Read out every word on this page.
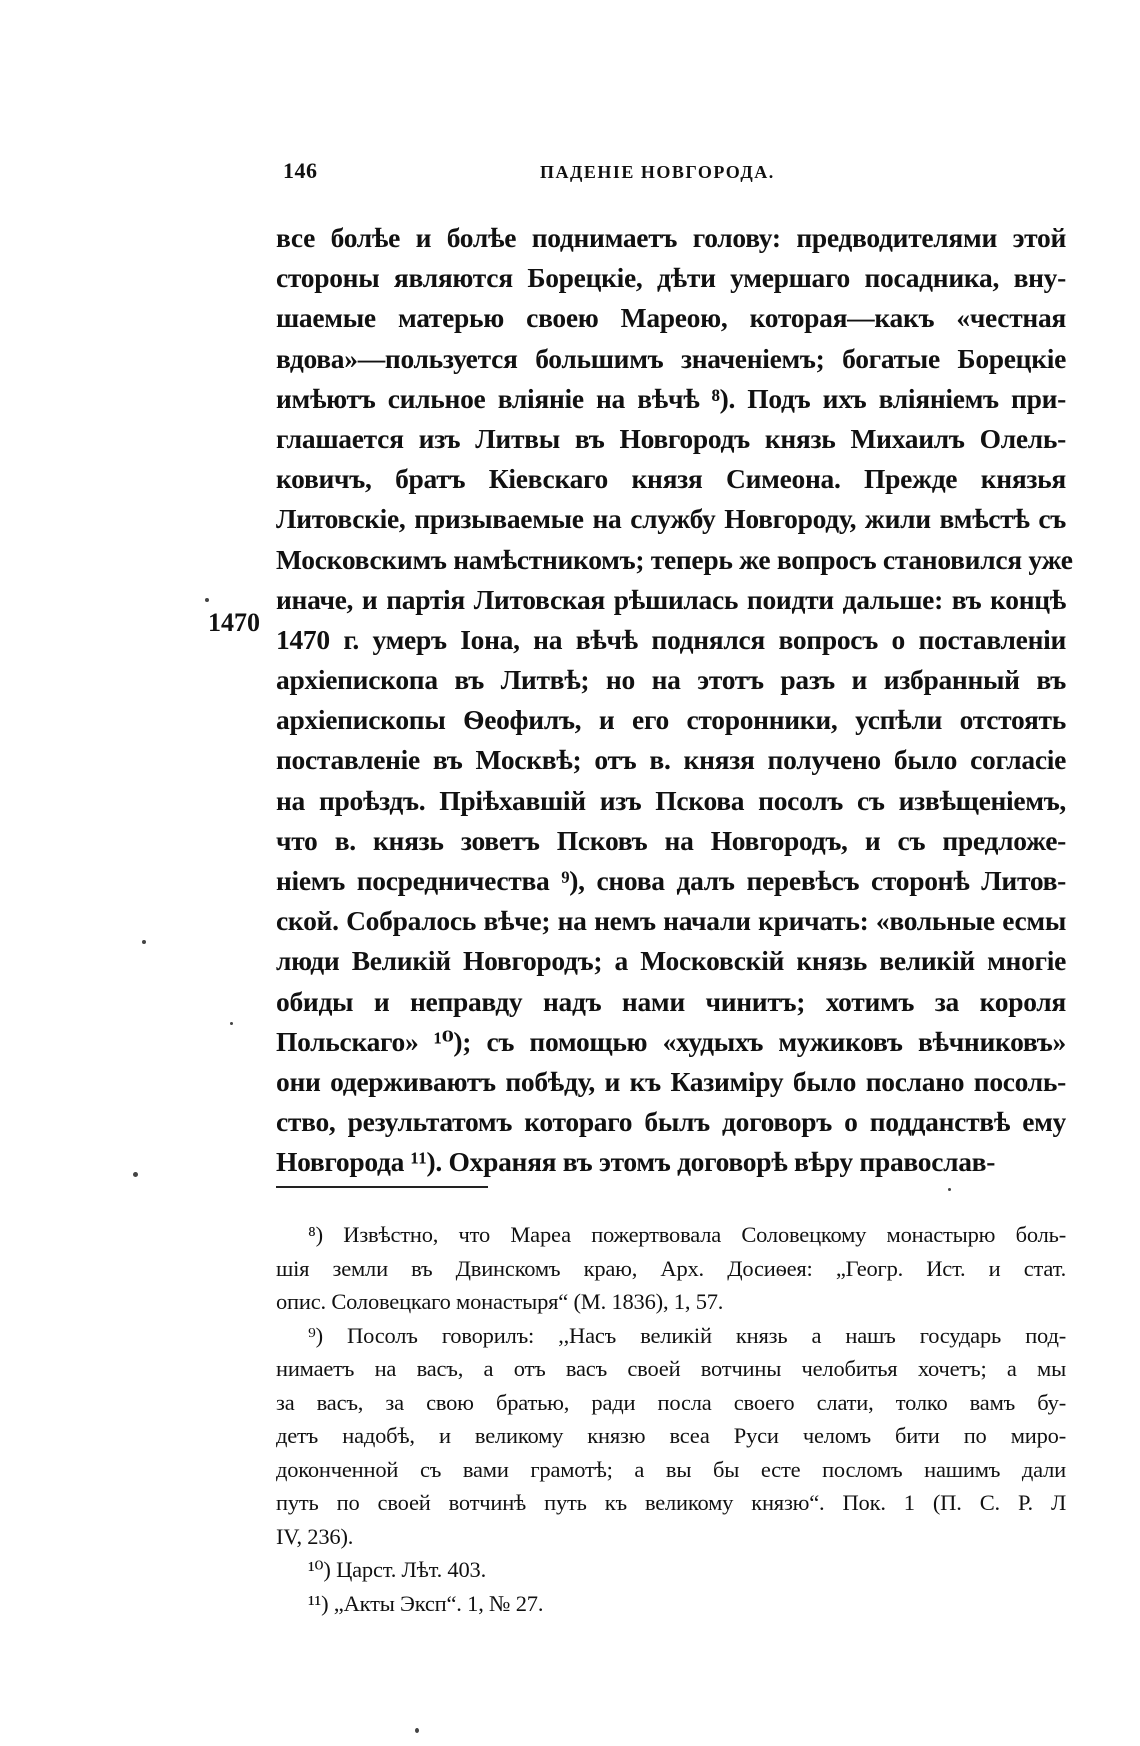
146	ПАДЕНІЕ НОВГОРОДА.
1470
все болѣе и болѣе поднимаетъ голову: предводителями этой
стороны являются Борецкіе, дѣти умершаго посадника, вну-
шаемые матерью своею Мареою, которая—какъ «честная
вдова»—пользуется большимъ значеніемъ; богатые Борецкіе
имѣютъ сильное вліяніе на вѣчѣ ⁸). Подъ ихъ вліяніемъ при-
глашается изъ Литвы въ Новгородъ князь Михаилъ Олель-
ковичъ, братъ Кіевскаго князя Симеона. Прежде князья
Литовскіе, призываемые на службу Новгороду, жили вмѣстѣ съ
Московскимъ намѣстникомъ; теперь же вопросъ становился уже
иначе, и партія Литовская рѣшилась поидти дальше: въ концѣ
1470 г. умеръ Іона, на вѣчѣ поднялся вопросъ о поставленіи
архіепископа въ Литвѣ; но на этотъ разъ и избранный въ
архіепископы Ѳеофилъ, и его сторонники, успѣли отстоять
поставленіе въ Москвѣ; отъ в. князя получено было согласіе
на проѣздъ. Пріѣхавшій изъ Пскова посолъ съ извѣщеніемъ,
что в. князь зоветъ Псковъ на Новгородъ, и съ предложе-
ніемъ посредничества ⁹), снова далъ перевѣсъ сторонѣ Литов-
ской. Собралось вѣче; на немъ начали кричать: «вольные есмы
люди Великій Новгородъ; а Московскій князь великій многіе
обиды и неправду надъ нами чинитъ; хотимъ за короля
Польскаго» ¹⁰); съ помощью «худыхъ мужиковъ вѣчниковъ»
они одерживаютъ побѣду, и къ Казиміру было послано посоль-
ство, результатомъ котораго былъ договоръ о подданствѣ ему
Новгорода ¹¹). Охраняя въ этомъ договорѣ вѣру православ-
⁸) Извѣстно, что Мареа пожертвовала Соловецкому монастырю боль-
шія земли въ Двинскомъ краю, Арх. Досиѳея: „Геогр. Ист. и стат.
опис. Соловецкаго монастыря“ (М. 1836), 1, 57.
⁹) Посолъ говорилъ: ,,Насъ великій князь а нашъ государь под-
нимаетъ на васъ, а отъ васъ своей вотчины челобитья хочетъ; а мы
за васъ, за свою братью, ради посла своего слати, толко вамъ бу-
детъ надобѣ, и великому князю всеа Руси челомъ бити по миро-
доконченной съ вами грамотѣ; а вы бы есте посломъ нашимъ дали
путь по своей вотчинѣ путь къ великому князю“. Пок. 1 (П. С. Р. Л
IV, 236).
¹⁰) Царст. Лѣт. 403.
¹¹) „Акты Эксп“. 1, № 27.
